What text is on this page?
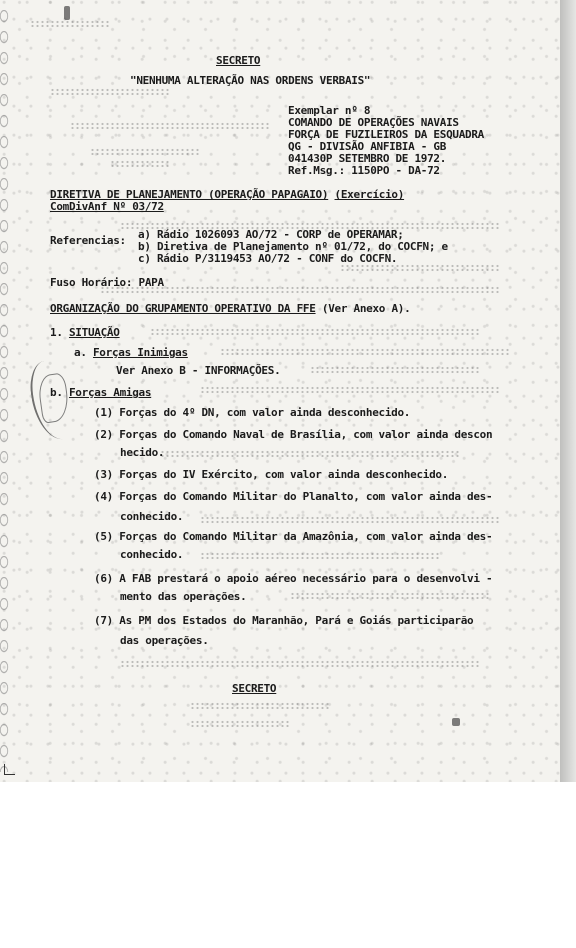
SECRETO

"NENHUMA ALTERAÇÃO NAS ORDENS VERBAIS"

Exemplar nº 8

COMANDO DE OPERAÇÕES NAVAIS

FORÇA DE FUZILEIROS DA ESQUADRA

QG - DIVISÃO ANFIBIA - GB

041430P SETEMBRO DE 1972.

Ref.Msg.: 1150PO - DA-72

DIRETIVA DE PLANEJAMENTO (OPERAÇÃO PAPAGAIO) (Exercício)

ComDivAnf Nº 03/72

Referencias: a) Rádio 1026093 AO/72 - CORP de OPERAMAR;

b) Diretiva de Planejamento nº 01/72, do COCFN; e

c) Rádio P/3119453 AO/72 - CONF do COCFN.

Fuso Horário: PAPA

ORGANIZAÇÃO DO GRUPAMENTO OPERATIVO DA FFE (Ver Anexo A).

1. SITUAÇÃO

a. Forças Inimigas

Ver Anexo B - INFORMAÇÕES.

b. Forças Amigas

(1) Forças do 4º DN, com valor ainda desconhecido.

(2) Forças do Comando Naval de Brasília, com valor ainda descon

hecido.

(3) Forças do IV Exército, com valor ainda desconhecido.

(4) Forças do Comando Militar do Planalto, com valor ainda des-

conhecido.

(5) Forças do Comando Militar da Amazônia, com valor ainda des-

conhecido.

(6) A FAB prestará o apoio aéreo necessário para o desenvolvi -

mento das operações.

(7) As PM dos Estados do Maranhão, Pará e Goiás participarão

das operações.

SECRETO
